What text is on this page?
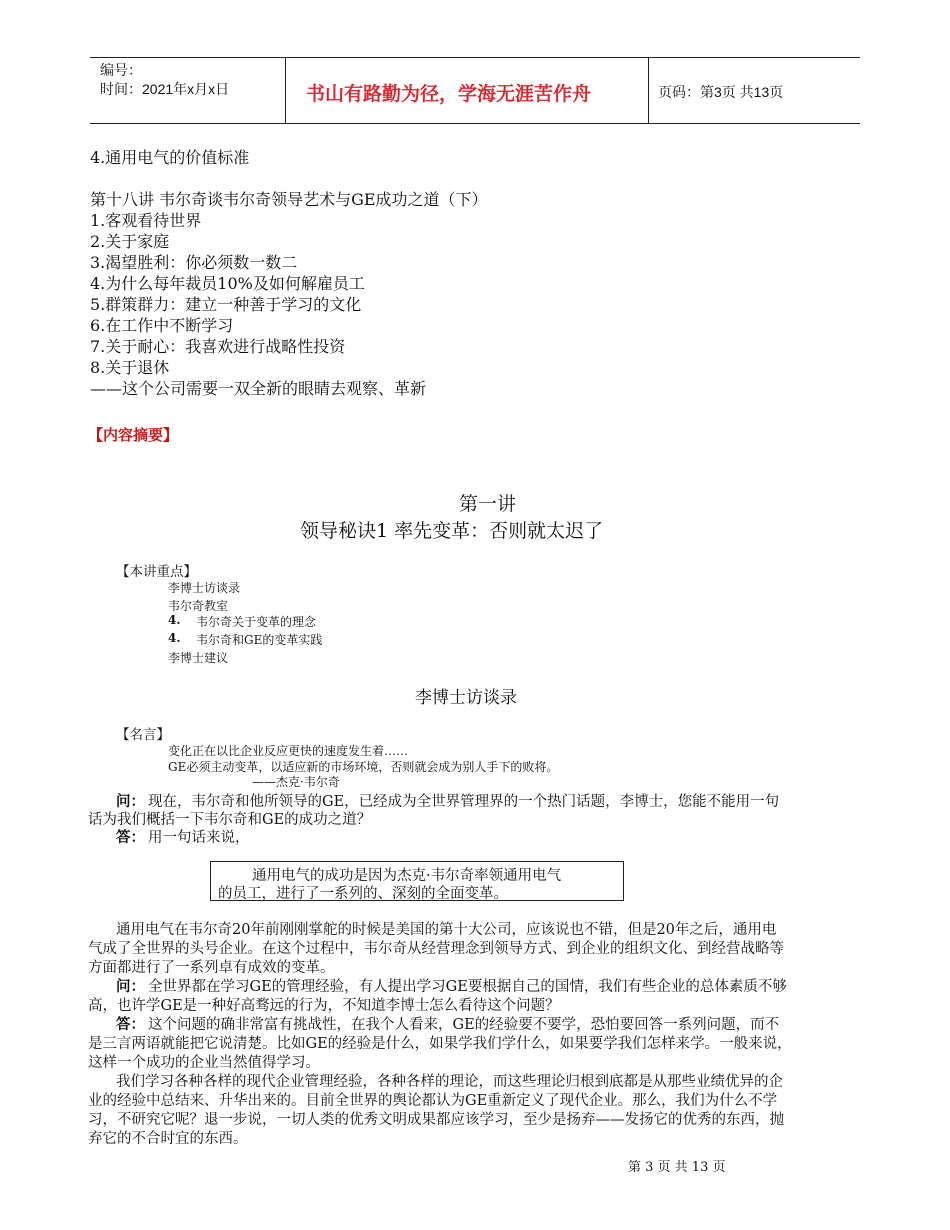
编号：
时间：2021年x月x日	书山有路勤为径，学海无涯苦作舟	页码：第3页 共13页
4.通用电气的价值标准
第十八讲 韦尔奇谈韦尔奇领导艺术与GE成功之道（下）
1.客观看待世界
2.关于家庭
3.渴望胜利：你必须数一数二
4.为什么每年裁员10%及如何解雇员工
5.群策群力：建立一种善于学习的文化
6.在工作中不断学习
7.关于耐心：我喜欢进行战略性投资
8.关于退休
——这个公司需要一双全新的眼睛去观察、革新
【内容摘要】
第一讲
领导秘诀1 率先变革：否则就太迟了
【本讲重点】
李博士访谈录
韦尔奇教室
4. 韦尔奇关于变革的理念
4. 韦尔奇和GE的变革实践
李博士建议
李博士访谈录
【名言】
变化正在以比企业反应更快的速度发生着……
GE必须主动变革，以适应新的市场环境，否则就会成为别人手下的败将。
——杰克·韦尔奇
问： 现在，韦尔奇和他所领导的GE，已经成为全世界管理界的一个热门话题，李博士，您能不能用一句
话为我们概括一下韦尔奇和GE的成功之道？
答： 用一句话来说，
通用电气的成功是因为杰克·韦尔奇率领通用电气
的员工，进行了一系列的、深刻的全面变革。
通用电气在韦尔奇20年前刚刚掌舵的时候是美国的第十大公司，应该说也不错，但是20年之后，通用电
气成了全世界的头号企业。在这个过程中，韦尔奇从经营理念到领导方式、到企业的组织文化、到经营战略等
方面都进行了一系列卓有成效的变革。
问： 全世界都在学习GE的管理经验，有人提出学习GE要根据自己的国情，我们有些企业的总体素质不够
高，也许学GE是一种好高骛远的行为，不知道李博士怎么看待这个问题？
答： 这个问题的确非常富有挑战性，在我个人看来，GE的经验要不要学，恐怕要回答一系列问题，而不
是三言两语就能把它说清楚。比如GE的经验是什么，如果学我们学什么，如果要学我们怎样来学。一般来说，
这样一个成功的企业当然值得学习。
我们学习各种各样的现代企业管理经验，各种各样的理论，而这些理论归根到底都是从那些业绩优异的企
业的经验中总结来、升华出来的。目前全世界的舆论都认为GE重新定义了现代企业。那么，我们为什么不学
习，不研究它呢？退一步说，一切人类的优秀文明成果都应该学习，至少是扬弃——发扬它的优秀的东西，抛
弃它的不合时宜的东西。
第 3 页 共 13 页
